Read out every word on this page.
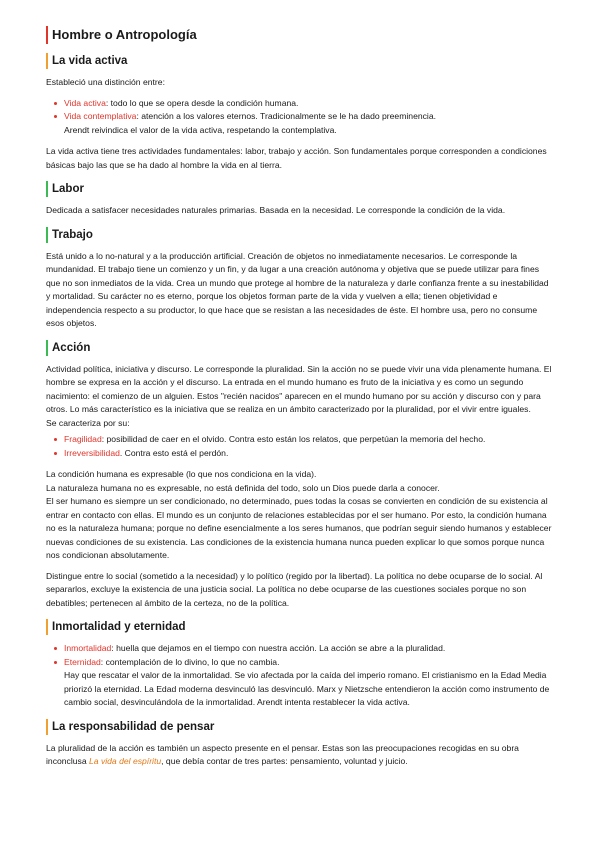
Hombre o Antropología
La vida activa

Estableció una distinción entre:

Vida activa: todo lo que se opera desde la condición humana.
Vida contemplativa: atención a los valores eternos. Tradicionalmente se le ha dado preeminencia.
Arendt reivindica el valor de la vida activa, respetando la contemplativa.

La vida activa tiene tres actividades fundamentales: labor, trabajo y acción. Son fundamentales porque corresponden a condiciones básicas bajo las que se ha dado al hombre la vida en al tierra.

Labor

Dedicada a satisfacer necesidades naturales primarias. Basada en la necesidad. Le corresponde la condición de la vida.

Trabajo

Está unido a lo no-natural y a la producción artificial. Creación de objetos no inmediatamente necesarios. Le corresponde la mundanidad. El trabajo tiene un comienzo y un fin, y da lugar a una creación autónoma y objetiva que se puede utilizar para fines que no son inmediatos de la vida. Crea un mundo que protege al hombre de la naturaleza y darle confianza frente a su inestabilidad y mortalidad. Su carácter no es eterno, porque los objetos forman parte de la vida y vuelven a ella; tienen objetividad e independencia respecto a su productor, lo que hace que se resistan a las necesidades de éste. El hombre usa, pero no consume esos objetos.

Acción

Actividad política, iniciativa y discurso. Le corresponde la pluralidad. Sin la acción no se puede vivir una vida plenamente humana. El hombre se expresa en la acción y el discurso. La entrada en el mundo humano es fruto de la iniciativa y es como un segundo nacimiento: el comienzo de un alguien. Estos "recién nacidos" aparecen en el mundo humano por su acción y discurso con y para otros. Lo más característico es la iniciativa que se realiza en un ámbito caracterizado por la pluralidad, por el vivir entre iguales.
Se caracteriza por su:

Fragilidad: posibilidad de caer en el olvido. Contra esto están los relatos, que perpetúan la memoria del hecho.
Irreversibilidad. Contra esto está el perdón.

La condición humana es expresable (lo que nos condiciona en la vida).
La naturaleza humana no es expresable, no está definida del todo, solo un Dios puede darla a conocer.
El ser humano es siempre un ser condicionado, no determinado, pues todas la cosas se convierten en condición de su existencia al entrar en contacto con ellas. El mundo es un conjunto de relaciones establecidas por el ser humano. Por esto, la condición humana no es la naturaleza humana; porque no define esencialmente a los seres humanos, que podrían seguir siendo humanos y establecer nuevas condiciones de su existencia. Las condiciones de la existencia humana nunca pueden explicar lo que somos porque nunca nos condicionan absolutamente.

Distingue entre lo social (sometido a la necesidad) y lo político (regido por la libertad). La política no debe ocuparse de lo social. Al separarlos, excluye la existencia de una justicia social. La política no debe ocuparse de las cuestiones sociales porque no son debatibles; pertenecen al ámbito de la certeza, no de la política.

Inmortalidad y eternidad
Inmortalidad: huella que dejamos en el tiempo con nuestra acción. La acción se abre a la pluralidad.
Eternidad: contemplación de lo divino, lo que no cambia.
Hay que rescatar el valor de la inmortalidad. Se vio afectada por la caída del imperio romano. El cristianismo en la Edad Media priorizó la eternidad. La Edad moderna desvinculó las desvinculó. Marx y Nietzsche entendieron la acción como instrumento de cambio social, desvinculándola de la inmortalidad. Arendt intenta restablecer la vida activa.
La responsabilidad de pensar

La pluralidad de la acción es también un aspecto presente en el pensar. Estas son las preocupaciones recogidas en su obra inconclusa La vida del espíritu, que debía contar de tres partes: pensamiento, voluntad y juicio.
